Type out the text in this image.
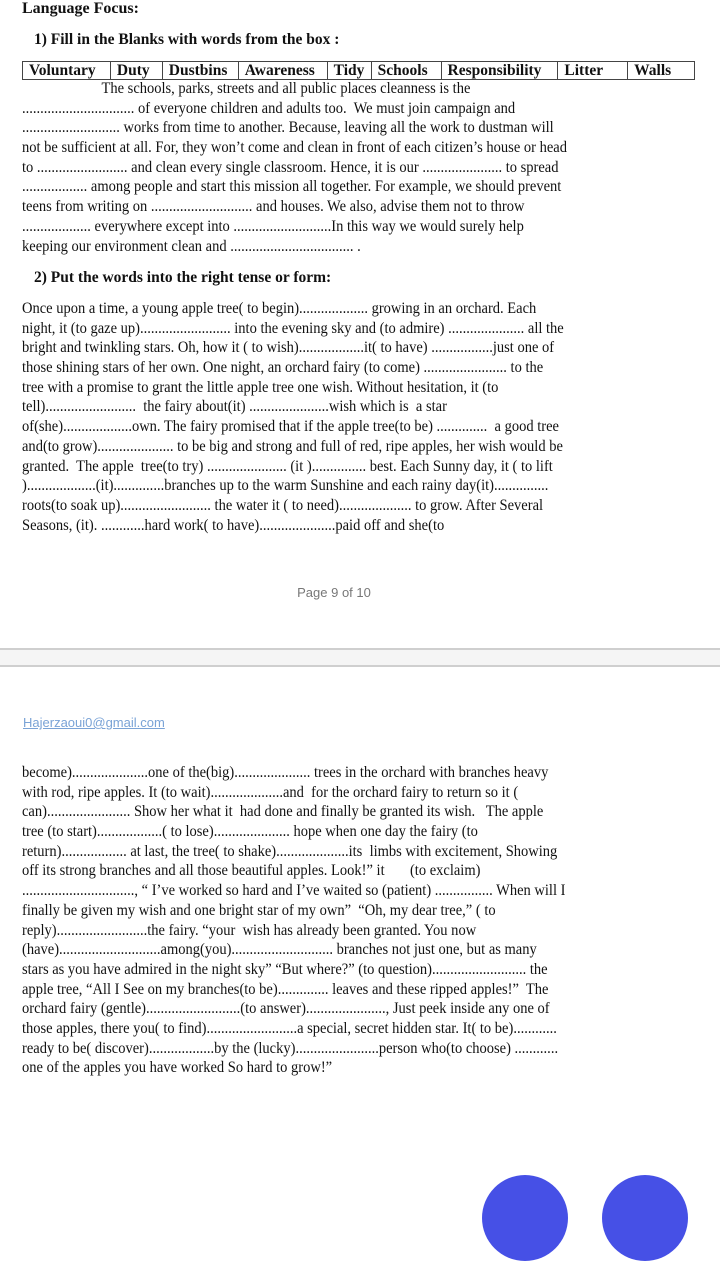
Language Focus:
1) Fill in the Blanks with words from the box :
Voluntary	Duty	Dustbins	Awareness	Tidy	Schools	Responsibility	Litter	Walls
The schools, parks, streets and all public places cleanness is the
............................... of everyone children and adults too.  We must join campaign and
........................... works from time to another. Because, leaving all the work to dustman will
not be sufficient at all. For, they won’t come and clean in front of each citizen’s house or head
to ......................... and clean every single classroom. Hence, it is our ...................... to spread
.................. among people and start this mission all together. For example, we should prevent
teens from writing on ............................ and houses. We also, advise them not to throw
................... everywhere except into ...........................In this way we would surely help
keeping our environment clean and .................................. .
2) Put the words into the right tense or form:
Once upon a time, a young apple tree( to begin)................... growing in an orchard. Each
night, it (to gaze up)......................... into the evening sky and (to admire) ..................... all the
bright and twinkling stars. Oh, how it ( to wish)..................it( to have) .................just one of
those shining stars of her own. One night, an orchard fairy (to come) ....................... to the
tree with a promise to grant the little apple tree one wish. Without hesitation, it (to
tell).........................  the fairy about(it) ......................wish which is  a star
of(she)...................own. The fairy promised that if the apple tree(to be) ..............  a good tree
and(to grow)..................... to be big and strong and full of red, ripe apples, her wish would be
granted.  The apple  tree(to try) ...................... (it )............... best. Each Sunny day, it ( to lift
)...................(it)..............branches up to the warm Sunshine and each rainy day(it)...............
roots(to soak up)......................... the water it ( to need).................... to grow. After Several
Seasons, (it). ............hard work( to have).....................paid off and she(to
Page 9 of 10
Hajerzaoui0@gmail.com
become).....................one of the(big)..................... trees in the orchard with branches heavy
with rod, ripe apples. It (to wait)....................and  for the orchard fairy to return so it (
can)....................... Show her what it  had done and finally be granted its wish.   The apple
tree (to start)..................( to lose)..................... hope when one day the fairy (to
return).................. at last, the tree( to shake)....................its  limbs with excitement, Showing
off its strong branches and all those beautiful apples. Look!” it       (to exclaim)
..............................., “ I’ve worked so hard and I’ve waited so (patient) ................ When will I
finally be given my wish and one bright star of my own”  “Oh, my dear tree,” ( to
reply).........................the fairy. “your  wish has already been granted. You now
(have)............................among(you)............................ branches not just one, but as many
stars as you have admired in the night sky” “But where?” (to question).......................... the
apple tree, “All I See on my branches(to be).............. leaves and these ripped apples!”  The
orchard fairy (gentle)..........................(to answer)......................, Just peek inside any one of
those apples, there you( to find).........................a special, secret hidden star. It( to be)............
ready to be( discover)..................by the (lucky).......................person who(to choose) ............
one of the apples you have worked So hard to grow!”
